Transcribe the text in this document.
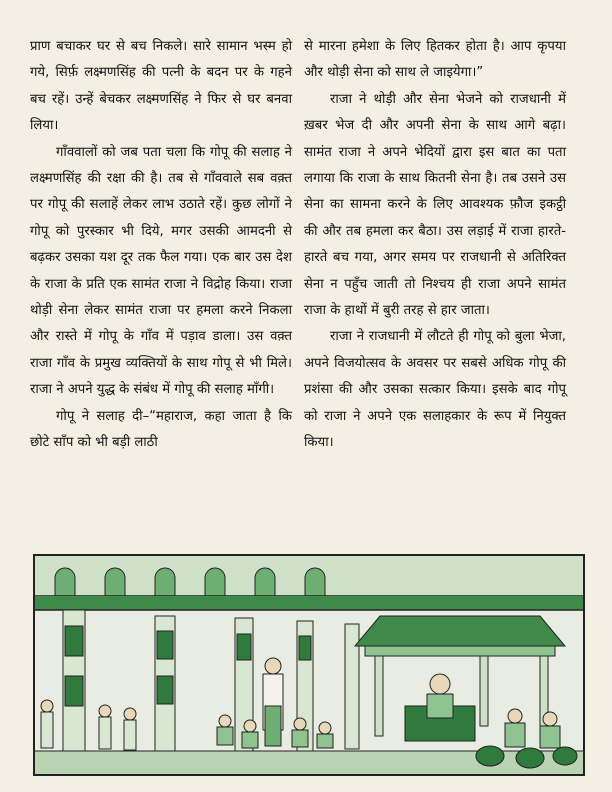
प्राण बचाकर घर से बच निकले। सारे सामान भस्म हो गये, सिर्फ़ लक्ष्मणसिंह की पत्नी के बदन पर के गहने बच रहें। उन्हें बेचकर लक्ष्मणसिंह ने फिर से घर बनवा लिया।

गाँववालों को जब पता चला कि गोपू की सलाह ने लक्ष्मणसिंह की रक्षा की है। तब से गाँववाले सब वक़्त पर गोपू की सलाहें लेकर लाभ उठाते रहें। कुछ लोगों ने गोपू को पुरस्कार भी दिये, मगर उसकी आमदनी से बढ़कर उसका यश दूर तक फैल गया। एक बार उस देश के राजा के प्रति एक सामंत राजा ने विद्रोह किया। राजा थोड़ी सेना लेकर सामंत राजा पर हमला करने निकला और रास्ते में गोपू के गाँव में पड़ाव डाला। उस वक़्त राजा गाँव के प्रमुख व्यक्तियों के साथ गोपू से भी मिले। राजा ने अपने युद्ध के संबंध में गोपू की सलाह माँगी।

गोपू ने सलाह दी–“महाराज, कहा जाता है कि छोटे साँप को भी बड़ी लाठी

से मारना हमेशा के लिए हितकर होता है। आप कृपया और थोड़ी सेना को साथ ले जाइयेगा।”

राजा ने थोड़ी और सेना भेजने को राजधानी में ख़बर भेज दी और अपनी सेना के साथ आगे बढ़ा। सामंत राजा ने अपने भेदियों द्वारा इस बात का पता लगाया कि राजा के साथ कितनी सेना है। तब उसने उस सेना का सामना करने के लिए आवश्यक फ़ौज इकट्ठी की और तब हमला कर बैठा। उस लड़ाई में राजा हारते-हारते बच गया, अगर समय पर राजधानी से अतिरिक्त सेना न पहुँच जाती तो निश्चय ही राजा अपने सामंत राजा के हाथों में बुरी तरह से हार जाता।

राजा ने राजधानी में लौटते ही गोपू को बुला भेजा, अपने विजयोत्सव के अवसर पर सबसे अधिक गोपू की प्रशंसा की और उसका सत्कार किया। इसके बाद गोपू को राजा ने अपने एक सलाहकार के रूप में नियुक्त किया।
